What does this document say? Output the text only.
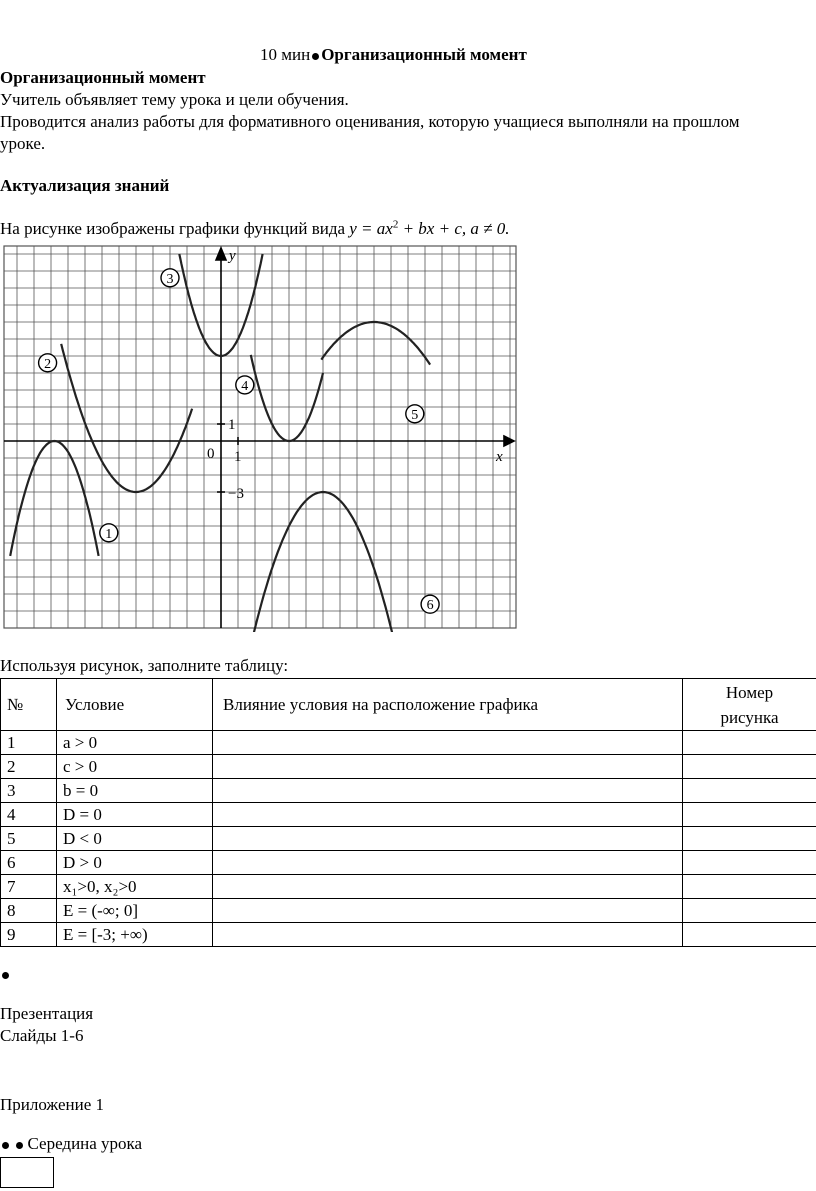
10 мин Организационный момент
Организационный момент
Учитель объявляет тему урока и цели обучения.
Проводится анализ работы для формативного оценивания, которую учащиеся выполняли на прошлом
уроке.
Актуализация знаний
На рисунке изображены графики функций вида $y = ax^2$ + bx + c, a ≠ 0.
x
y
0 1
1
−3
1
2
3
4
5
6
Используя рисунок, заполните таблицу:
№	Условие	Влияние условия на расположение графика	Номер
рисунка

1	a > 0		
2	c > 0		
3	b = 0		
4	D = 0		
5	D < 0		
6	D > 0		
7	x₁>0, x₂>0		
8	E = (-∞; 0]		
9	E = [-3; +∞)		
Презентация
Слайды 1-6
Приложение 1
Середина урока
